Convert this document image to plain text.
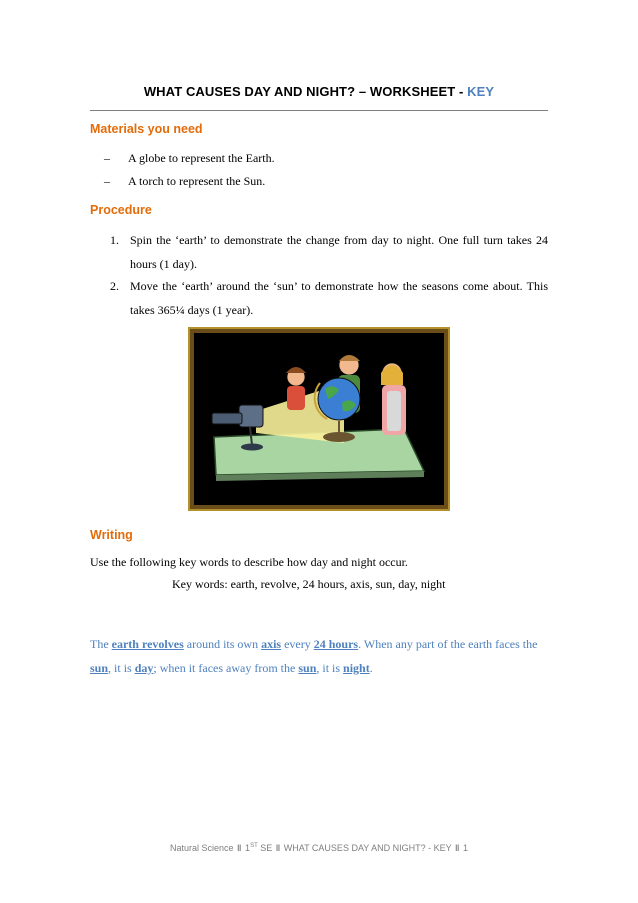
WHAT CAUSES DAY AND NIGHT? – WORKSHEET - KEY
Materials you need
– A globe to represent the Earth.
– A torch to represent the Sun.
Procedure
1. Spin the ‘earth’ to demonstrate the change from day to night. One full turn takes 24 hours (1 day).
2. Move the ‘earth’ around the ‘sun’ to demonstrate how the seasons come about. This takes 365¼ days (1 year).
Writing
Use the following key words to describe how day and night occur.
Key words: earth, revolve, 24 hours, axis, sun, day, night
The earth revolves around its own axis every 24 hours. When any part of the earth faces the sun, it is day; when it faces away from the sun, it is night.
Natural Science ‖ 1ST SE ‖ WHAT CAUSES DAY AND NIGHT? - KEY ‖ 1
